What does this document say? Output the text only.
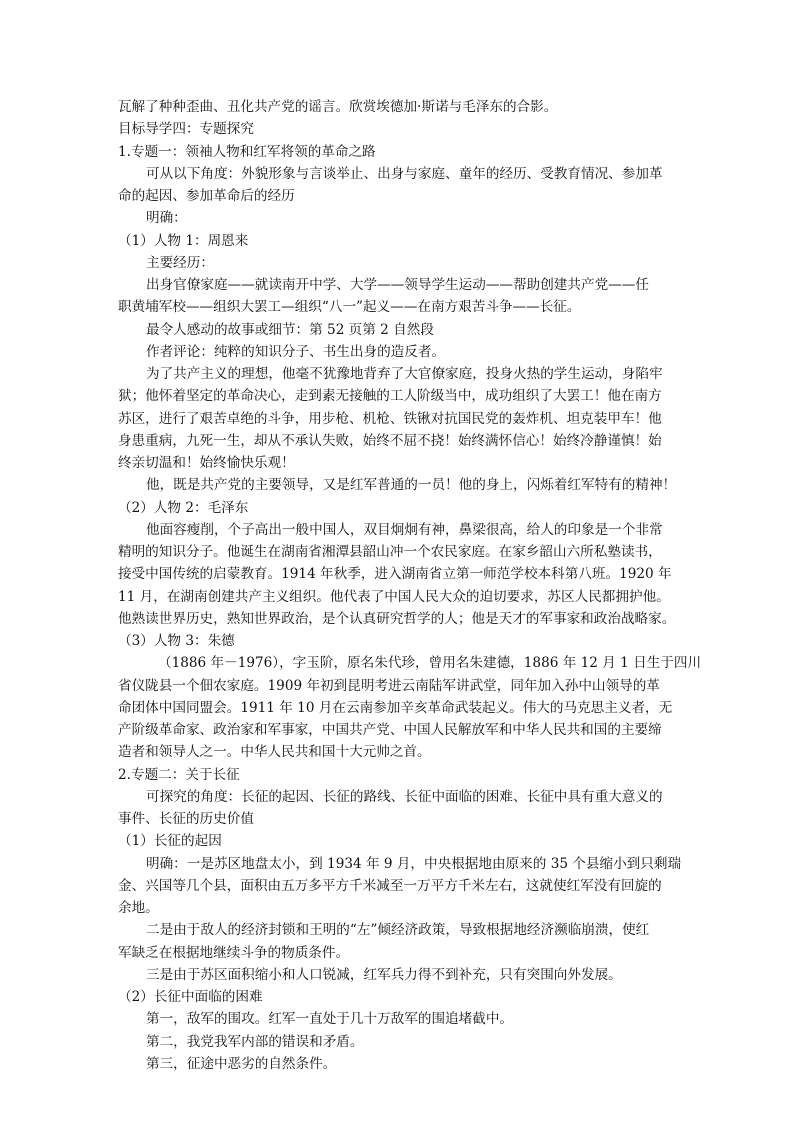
瓦解了种种歪曲、丑化共产党的谣言。欣赏埃德加·斯诺与毛泽东的合影。
目标导学四：专题探究
1.专题一：领袖人物和红军将领的革命之路
可从以下角度：外貌形象与言谈举止、出身与家庭、童年的经历、受教育情况、参加革
命的起因、参加革命后的经历
明确：
（1）人物 1：周恩来
主要经历：
出身官僚家庭——就读南开中学、大学——领导学生运动——帮助创建共产党——任
职黄埔军校——组织大罢工—组织“八一”起义——在南方艰苦斗争——长征。
最令人感动的故事或细节：第 52 页第 2 自然段
作者评论：纯粹的知识分子、书生出身的造反者。
为了共产主义的理想，他毫不犹豫地背弃了大官僚家庭，投身火热的学生运动，身陷牢
狱；他怀着坚定的革命决心，走到素无接触的工人阶级当中，成功组织了大罢工！他在南方
苏区，进行了艰苦卓绝的斗争，用步枪、机枪、铁锹对抗国民党的轰炸机、坦克装甲车！他
身患重病，九死一生，却从不承认失败，始终不屈不挠！始终满怀信心！始终冷静谨慎！始
终亲切温和！始终愉快乐观！
他，既是共产党的主要领导，又是红军普通的一员！他的身上，闪烁着红军特有的精神！
（2）人物 2：毛泽东
他面容瘦削，个子高出一般中国人，双目炯炯有神，鼻梁很高，给人的印象是一个非常
精明的知识分子。他诞生在湖南省湘潭县韶山冲一个农民家庭。在家乡韶山六所私塾读书，
接受中国传统的启蒙教育。1914 年秋季，进入湖南省立第一师范学校本科第八班。1920 年
11 月，在湖南创建共产主义组织。他代表了中国人民大众的迫切要求，苏区人民都拥护他。
他熟读世界历史，熟知世界政治，是个认真研究哲学的人；他是天才的军事家和政治战略家。
（3）人物 3：朱德
（1886 年－1976），字玉阶，原名朱代珍，曾用名朱建德，1886 年 12 月 1 日生于四川
省仪陇县一个佃农家庭。1909 年初到昆明考进云南陆军讲武堂，同年加入孙中山领导的革
命团体中国同盟会。1911 年 10 月在云南参加辛亥革命武装起义。伟大的马克思主义者，无
产阶级革命家、政治家和军事家，中国共产党、中国人民解放军和中华人民共和国的主要缔
造者和领导人之一。中华人民共和国十大元帅之首。
2.专题二：关于长征
可探究的角度：长征的起因、长征的路线、长征中面临的困难、长征中具有重大意义的
事件、长征的历史价值
（1）长征的起因
明确：一是苏区地盘太小，到 1934 年 9 月，中央根据地由原来的 35 个县缩小到只剩瑞
金、兴国等几个县，面积由五万多平方千米减至一万平方千米左右，这就使红军没有回旋的
余地。
二是由于敌人的经济封锁和王明的“左”倾经济政策，导致根据地经济濒临崩溃，使红
军缺乏在根据地继续斗争的物质条件。
三是由于苏区面积缩小和人口锐减，红军兵力得不到补充，只有突围向外发展。
（2）长征中面临的困难
第一，敌军的围攻。红军一直处于几十万敌军的围追堵截中。
第二，我党我军内部的错误和矛盾。
第三，征途中恶劣的自然条件。
